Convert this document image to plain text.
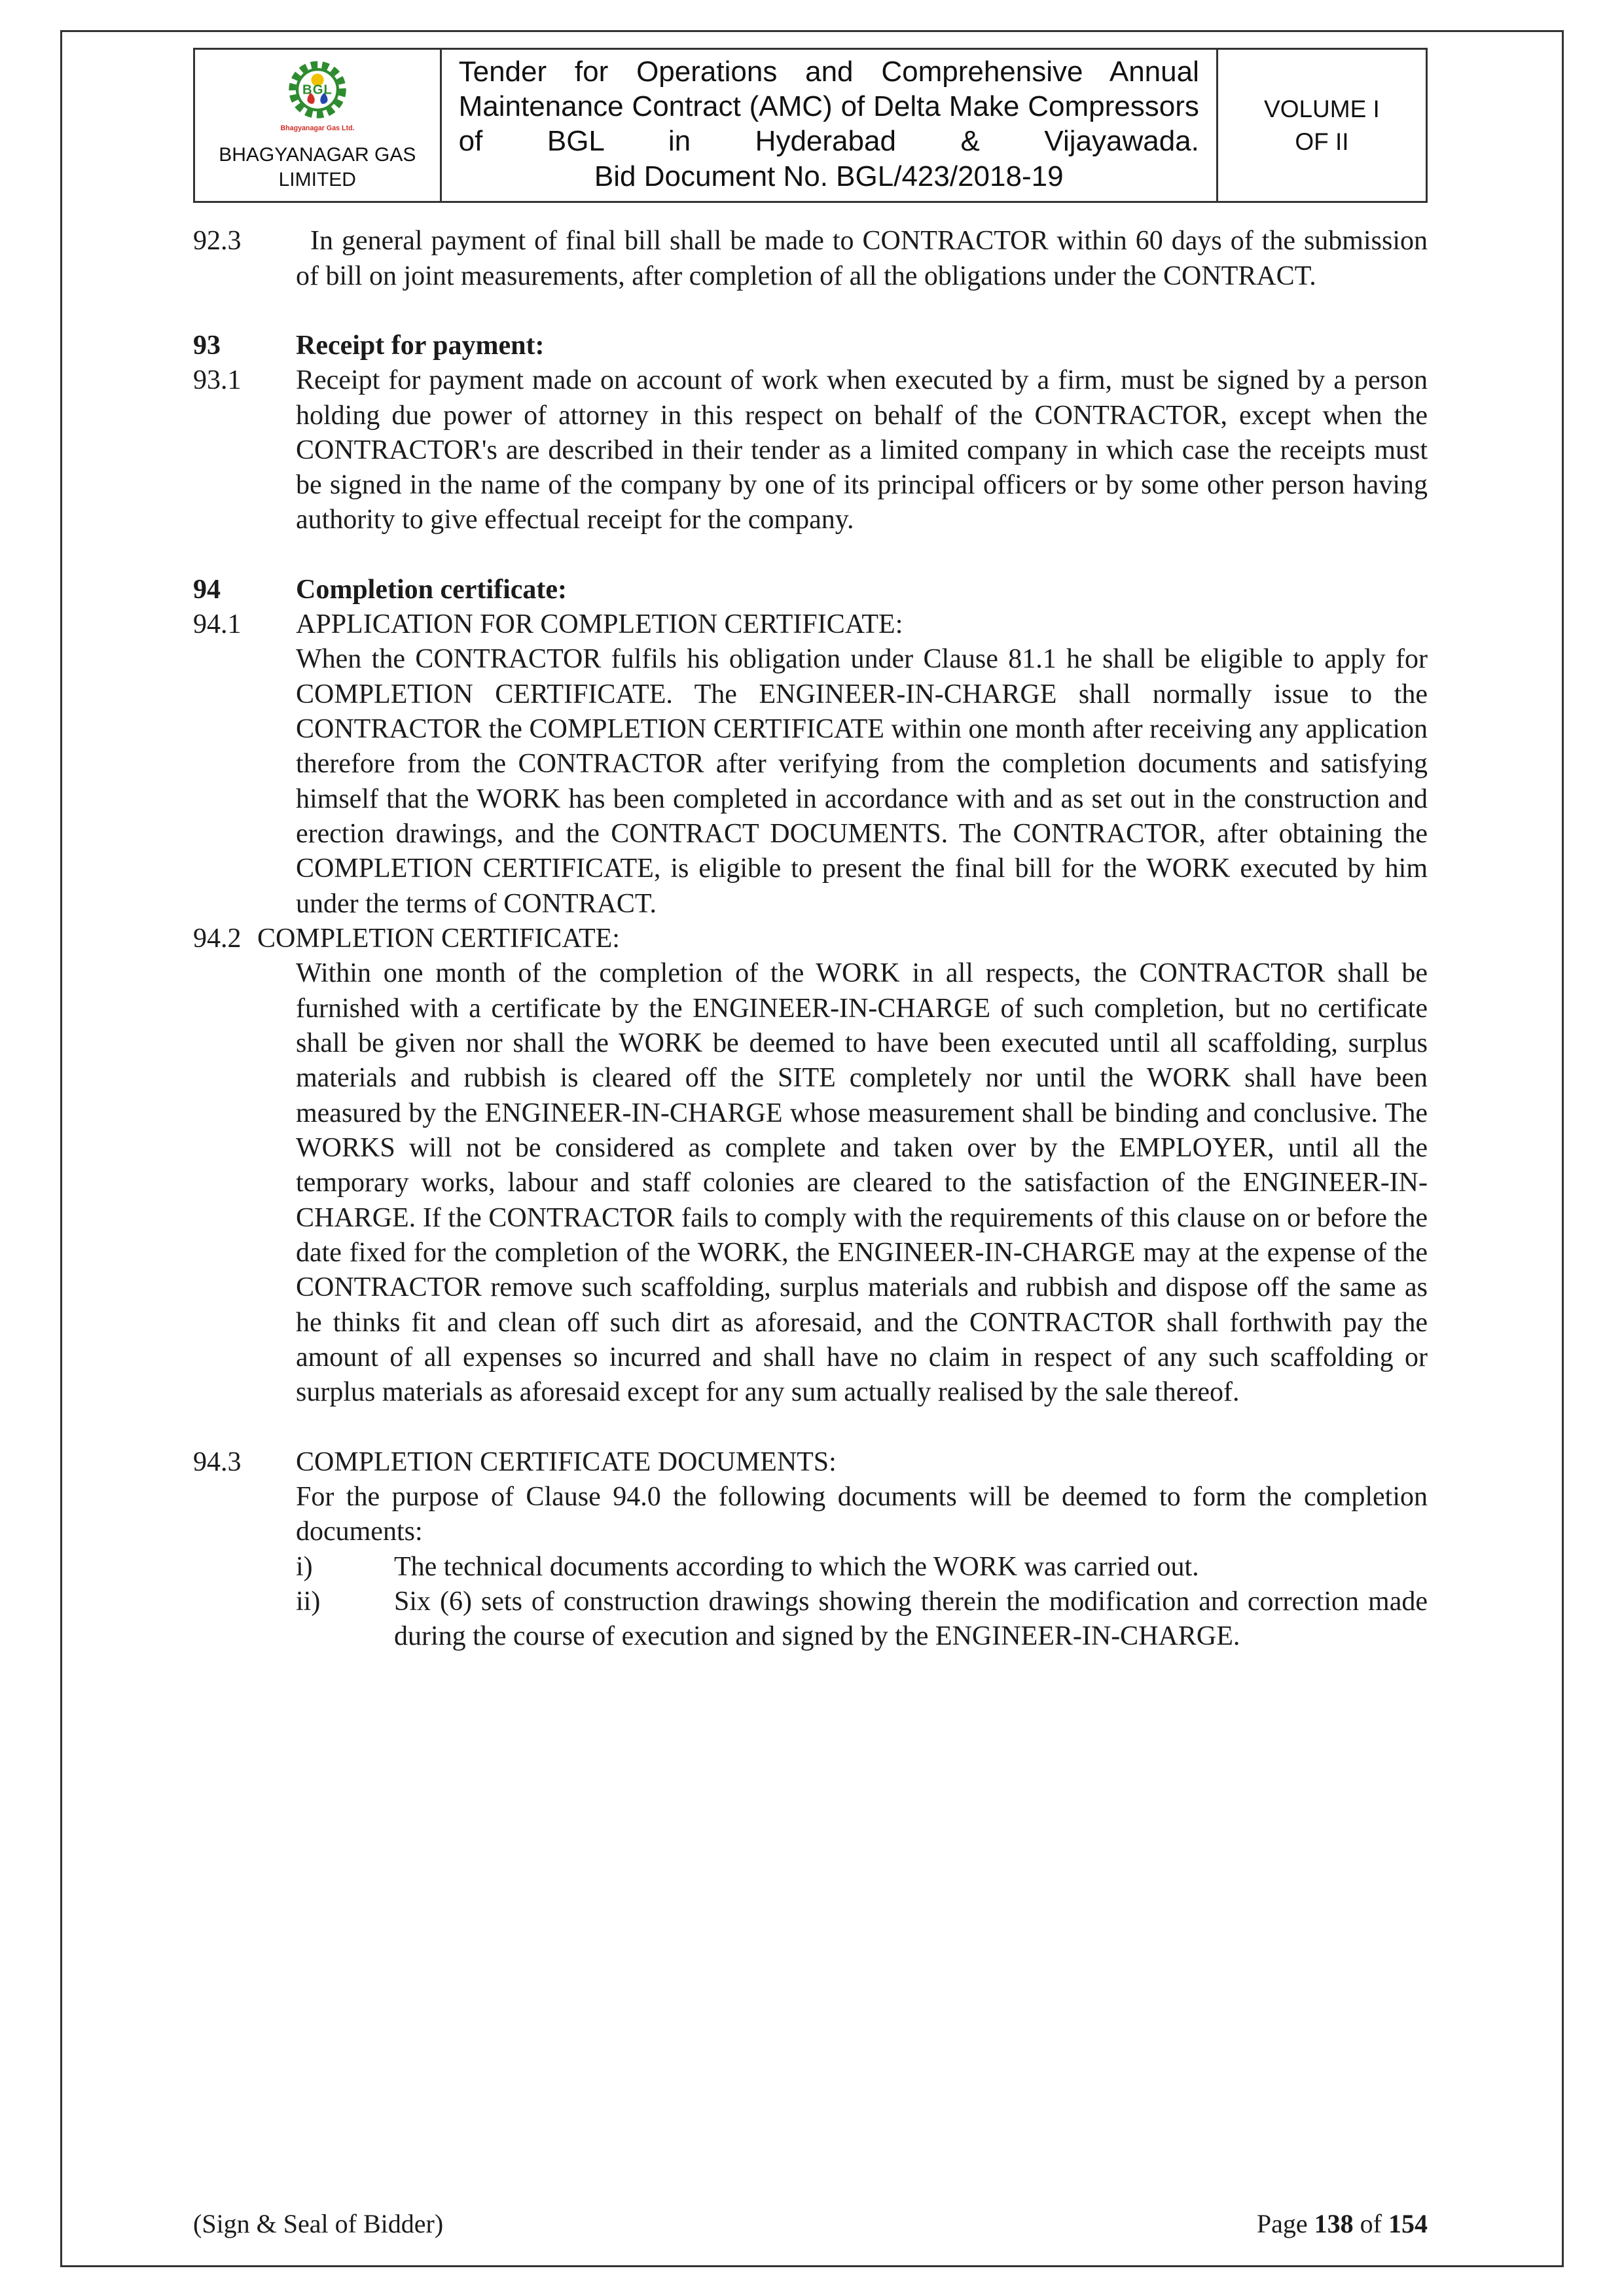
BGL
Bhagyanagar Gas Ltd.
BHAGYANAGAR GAS LIMITED

Tender for Operations and Comprehensive Annual Maintenance Contract (AMC) of Delta Make Compressors of BGL in Hyderabad & Vijayawada.
Bid Document No. BGL/423/2018-19

VOLUME I
OF II
92.3	In general payment of final bill shall be made to CONTRACTOR within 60 days of the submission of bill on joint measurements, after completion of all the obligations under the CONTRACT.

93	Receipt for payment:

93.1	Receipt for payment made on account of work when executed by a firm, must be signed by a person holding due power of attorney in this respect on behalf of the CONTRACTOR, except when the CONTRACTOR's are described in their tender as a limited company in which case the receipts must be signed in the name of the company by one of its principal officers or by some other person having authority to give effectual receipt for the company.

94	Completion certificate:

94.1	APPLICATION FOR COMPLETION CERTIFICATE:

When the CONTRACTOR fulfils his obligation under Clause 81.1 he shall be eligible to apply for COMPLETION CERTIFICATE. The ENGINEER-IN-CHARGE shall normally issue to the CONTRACTOR the COMPLETION CERTIFICATE within one month after receiving any application therefore from the CONTRACTOR after verifying from the completion documents and satisfying himself that the WORK has been completed in accordance with and as set out in the construction and erection drawings, and the CONTRACT DOCUMENTS. The CONTRACTOR, after obtaining the COMPLETION CERTIFICATE, is eligible to present the final bill for the WORK executed by him under the terms of CONTRACT.

94.2 COMPLETION CERTIFICATE:

Within one month of the completion of the WORK in all respects, the CONTRACTOR shall be furnished with a certificate by the ENGINEER-IN-CHARGE of such completion, but no certificate shall be given nor shall the WORK be deemed to have been executed until all scaffolding, surplus materials and rubbish is cleared off the SITE completely nor until the WORK shall have been measured by the ENGINEER-IN-CHARGE whose measurement shall be binding and conclusive. The WORKS will not be considered as complete and taken over by the EMPLOYER, until all the temporary works, labour and staff colonies are cleared to the satisfaction of the ENGINEER-IN-CHARGE. If the CONTRACTOR fails to comply with the requirements of this clause on or before the date fixed for the completion of the WORK, the ENGINEER-IN-CHARGE may at the expense of the CONTRACTOR remove such scaffolding, surplus materials and rubbish and dispose off the same as he thinks fit and clean off such dirt as aforesaid, and the CONTRACTOR shall forthwith pay the amount of all expenses so incurred and shall have no claim in respect of any such scaffolding or surplus materials as aforesaid except for any sum actually realised by the sale thereof.

94.3	COMPLETION CERTIFICATE DOCUMENTS:

For the purpose of Clause 94.0 the following documents will be deemed to form the completion documents:

i)	The technical documents according to which the WORK was carried out.

ii)	Six (6) sets of construction drawings showing therein the modification and correction made during the course of execution and signed by the ENGINEER-IN-CHARGE.

(Sign & Seal of Bidder)	Page 138 of 154
